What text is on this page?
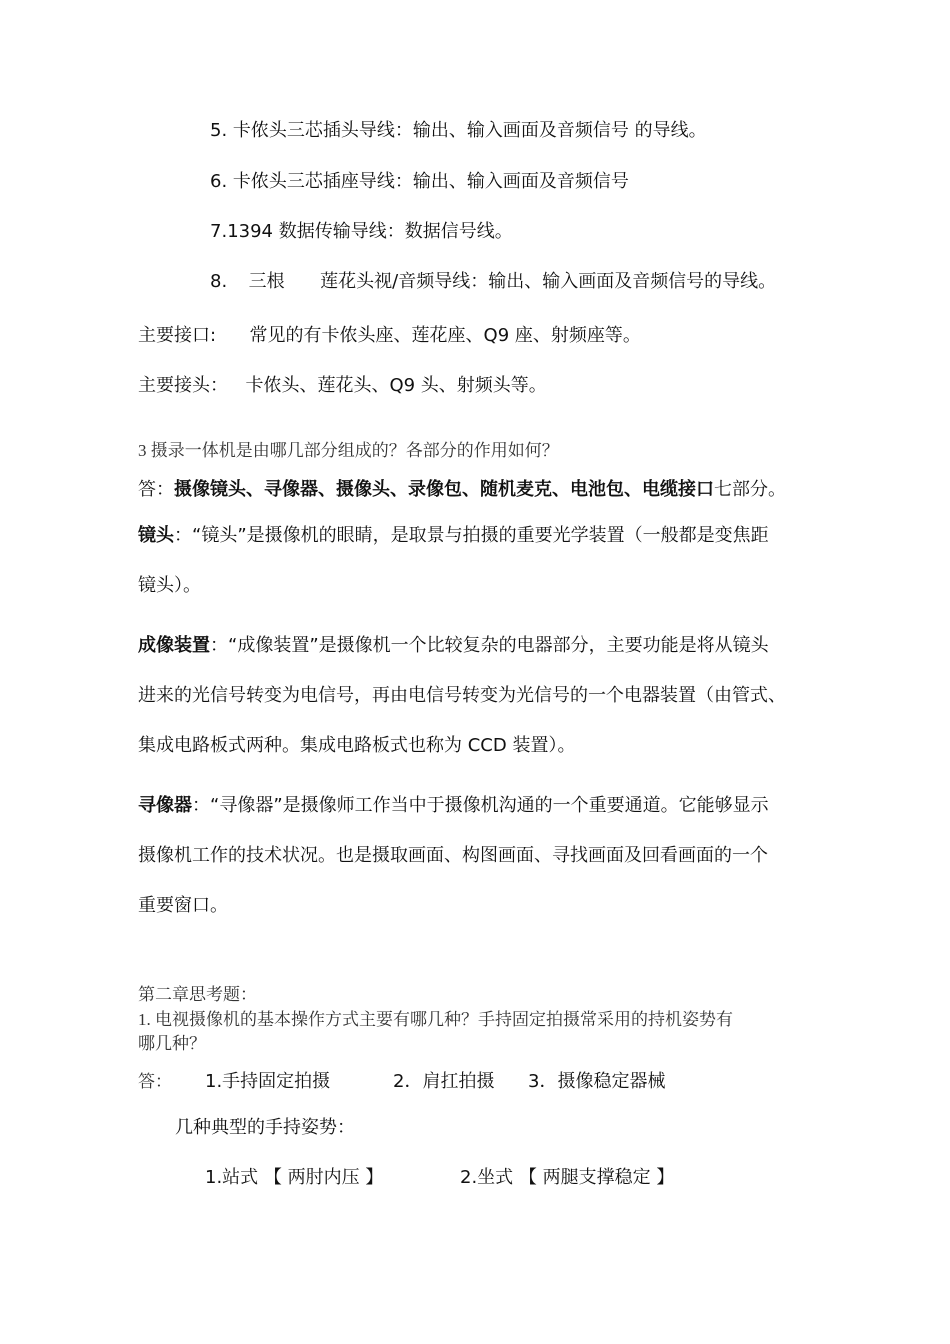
5. 卡侬头三芯插头导线：输出、输入画面及音频信号 的导线。
6. 卡侬头三芯插座导线：输出、输入画面及音频信号
7.1394 数据传输导线：数据信号线。
8. 三根 莲花头视/音频导线：输出、输入画面及音频信号的导线。
主要接口: 常见的有卡侬头座、莲花座、Q9 座、射频座等。
主要接头： 卡侬头、莲花头、Q9 头、射频头等。
3 摄录一体机是由哪几部分组成的？各部分的作用如何？
答：摄像镜头、寻像器、摄像头、录像包、随机麦克、电池包、电缆接口七部分。
镜头：“镜头”是摄像机的眼睛，是取景与拍摄的重要光学装置（一般都是变焦距
镜头）。
成像装置：“成像装置”是摄像机一个比较复杂的电器部分，主要功能是将从镜头
进来的光信号转变为电信号，再由电信号转变为光信号的一个电器装置（由管式、
集成电路板式两种。集成电路板式也称为 CCD 装置）。
寻像器：“寻像器”是摄像师工作当中于摄像机沟通的一个重要通道。它能够显示
摄像机工作的技术状况。也是摄取画面、构图画面、寻找画面及回看画面的一个
重要窗口。
第二章思考题：
1. 电视摄像机的基本操作方式主要有哪几种？手持固定拍摄常采用的持机姿势有
哪几种？
答： 1.手持固定拍摄	2．肩扛拍摄 3．摄像稳定器械
几种典型的手持姿势：
1.站式 【 两肘内压 】	2.坐式 【 两腿支撑稳定 】
